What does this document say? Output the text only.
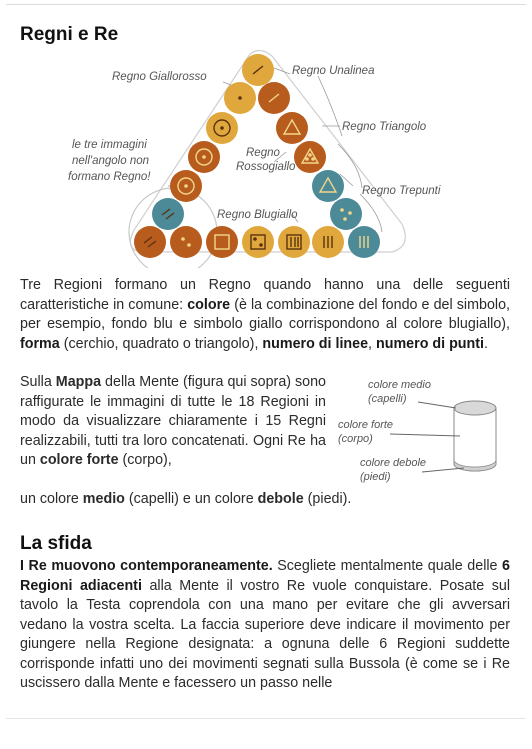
Regni e Re
Regno Giallorosso	Regno Unalinea
Regno Triangolo
Regno
Rossogiallo
Regno Trepunti
Regno Blugiallo
le tre immagini
nell'angolo non
formano Regno!
Tre Regioni formano un Regno quando hanno una delle seguenti caratteristiche in comune: colore (è la combinazione del fondo e del simbolo, per esempio, fondo blu e simbolo giallo corrispondono al colore blugiallo), forma (cerchio, quadrato o triangolo), numero di linee, numero di punti.
Sulla Mappa della Mente (figura qui sopra) sono raffigurate le immagini di tutte le 18 Regioni in modo da visualizzare chiaramente i 15 Regni realizzabili, tutti tra loro concatenati. Ogni Re ha un colore forte (corpo),
un colore medio (capelli) e un colore debole (piedi).
colore medio
(capelli)
colore forte
(corpo)
colore debole
(piedi)
La sfida
I Re muovono contemporaneamente. Scegliete mentalmente quale delle 6 Regioni adiacenti alla Mente il vostro Re vuole conquistare. Posate sul tavolo la Testa coprendola con una mano per evitare che gli avversari vedano la vostra scelta. La faccia superiore deve indicare il movimento per giungere nella Regione designata: a ognuna delle 6 Regioni suddette corrisponde infatti uno dei movimenti segnati sulla Bussola (è come se i Re uscissero dalla Mente e facessero un passo nelle
